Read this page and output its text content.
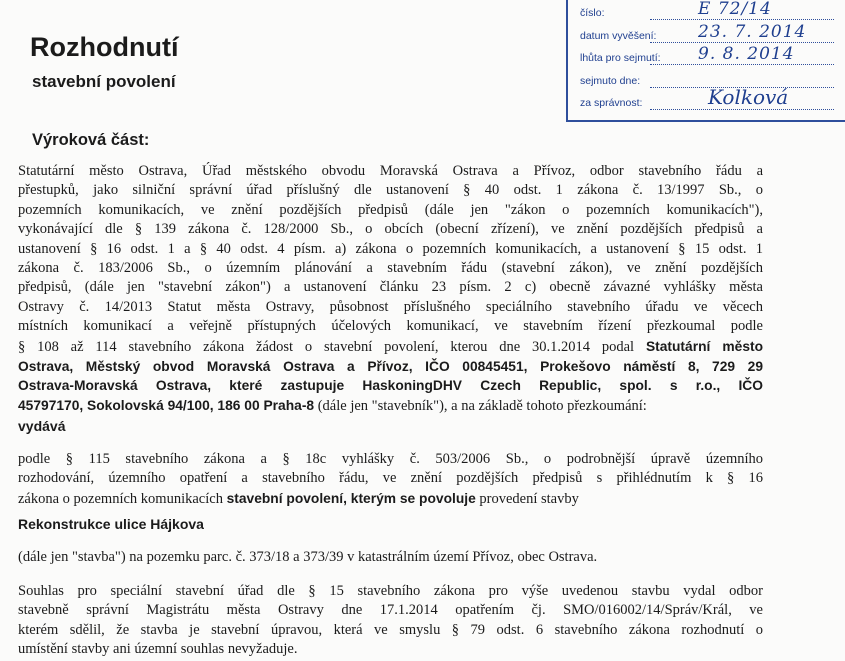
číslo:	E 72/14
datum vyvěšení: 23. 7. 2014
lhůta pro sejmutí: 9. 8. 2014
sejmuto dne:
za správnost:	Kolková
Rozhodnutí
stavební povolení
Výroková část:
Statutární město Ostrava, Úřad městského obvodu Moravská Ostrava a Přívoz, odbor stavebního řádu a
přestupků, jako silniční správní úřad příslušný dle ustanovení § 40 odst. 1 zákona č. 13/1997 Sb., o
pozemních komunikacích, ve znění pozdějších předpisů (dále jen "zákon o pozemních komunikacích"),
vykonávající dle § 139 zákona č. 128/2000 Sb., o obcích (obecní zřízení), ve znění pozdějších předpisů a
ustanovení § 16 odst. 1 a § 40 odst. 4 písm. a) zákona o pozemních komunikacích, a ustanovení § 15 odst. 1
zákona č. 183/2006 Sb., o územním plánování a stavebním řádu (stavební zákon), ve znění pozdějších
předpisů, (dále jen "stavební zákon") a ustanovení článku 23 písm. 2 c) obecně závazné vyhlášky města
Ostravy č. 14/2013 Statut města Ostravy, působnost příslušného speciálního stavebního úřadu ve věcech
místních komunikací a veřejně přístupných účelových komunikací, ve stavebním řízení přezkoumal podle
§ 108 až 114 stavebního zákona žádost o stavební povolení, kterou dne 30.1.2014 podal Statutární město
Ostrava, Městský obvod Moravská Ostrava a Přívoz, IČO 00845451, Prokešovo náměstí 8, 729 29
Ostrava-Moravská Ostrava, které zastupuje HaskoningDHV Czech Republic, spol. s r.o., IČO
45797170, Sokolovská 94/100, 186 00 Praha-8 (dále jen "stavebník"), a na základě tohoto přezkoumání:
vydává
podle § 115 stavebního zákona a § 18c vyhlášky č. 503/2006 Sb., o podrobnější úpravě územního
rozhodování, územního opatření a stavebního řádu, ve znění pozdějších předpisů s přihlédnutím k § 16
zákona o pozemních komunikacích stavební povolení, kterým se povoluje provedení stavby
Rekonstrukce ulice Hájkova
(dále jen "stavba") na pozemku parc. č. 373/18 a 373/39 v katastrálním území Přívoz, obec Ostrava.
Souhlas pro speciální stavební úřad dle § 15 stavebního zákona pro výše uvedenou stavbu vydal odbor
stavebně správní Magistrátu města Ostravy dne 17.1.2014 opatřením čj. SMO/016002/14/Správ/Král, ve
kterém sdělil, že stavba je stavební úpravou, která ve smyslu § 79 odst. 6 stavebního zákona rozhodnutí o
umístění stavby ani územní souhlas nevyžaduje.
